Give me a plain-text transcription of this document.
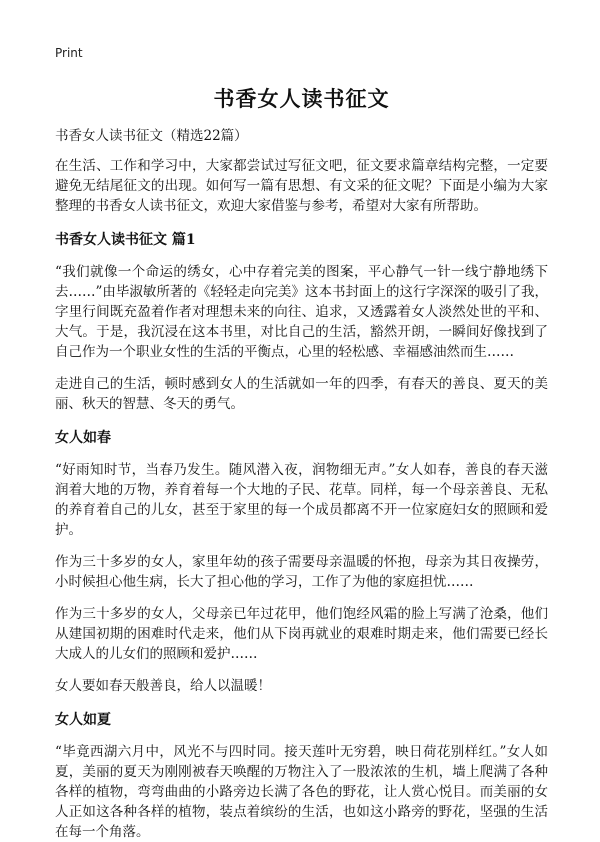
Print
书香女人读书征文
书香女人读书征文（精选22篇）

在生活、工作和学习中，大家都尝试过写征文吧，征文要求篇章结构完整，一定要避免无结尾征文的出现。如何写一篇有思想、有文采的征文呢？下面是小编为大家整理的书香女人读书征文，欢迎大家借鉴与参考，希望对大家有所帮助。

书香女人读书征文 篇1

“我们就像一个命运的绣女，心中存着完美的图案，平心静气一针一线宁静地绣下去……”由毕淑敏所著的《轻轻走向完美》这本书封面上的这行字深深的吸引了我，字里行间既充盈着作者对理想未来的向往、追求，又透露着女人淡然处世的平和、大气。于是，我沉浸在这本书里，对比自己的生活，豁然开朗，一瞬间好像找到了自己作为一个职业女性的生活的平衡点，心里的轻松感、幸福感油然而生……

走进自己的生活，顿时感到女人的生活就如一年的四季，有春天的善良、夏天的美丽、秋天的智慧、冬天的勇气。

女人如春

“好雨知时节，当春乃发生。随风潜入夜，润物细无声。”女人如春，善良的春天滋润着大地的万物，养育着每一个大地的子民、花草。同样，每一个母亲善良、无私的养育着自己的儿女，甚至于家里的每一个成员都离不开一位家庭妇女的照顾和爱护。

作为三十多岁的女人，家里年幼的孩子需要母亲温暖的怀抱，母亲为其日夜操劳，小时候担心他生病，长大了担心他的学习，工作了为他的家庭担忧……

作为三十多岁的女人，父母亲已年过花甲，他们饱经风霜的脸上写满了沧桑，他们从建国初期的困难时代走来，他们从下岗再就业的艰难时期走来，他们需要已经长大成人的儿女们的照顾和爱护……

女人要如春天般善良，给人以温暖！

女人如夏

“毕竟西湖六月中，风光不与四时同。接天莲叶无穷碧，映日荷花别样红。”女人如夏，美丽的夏天为刚刚被春天唤醒的万物注入了一股浓浓的生机，墙上爬满了各种各样的植物，弯弯曲曲的小路旁边长满了各色的野花，让人赏心悦目。而美丽的女人正如这各种各样的植物，装点着缤纷的生活，也如这小路旁的野花，坚强的生活在每一个角落。
